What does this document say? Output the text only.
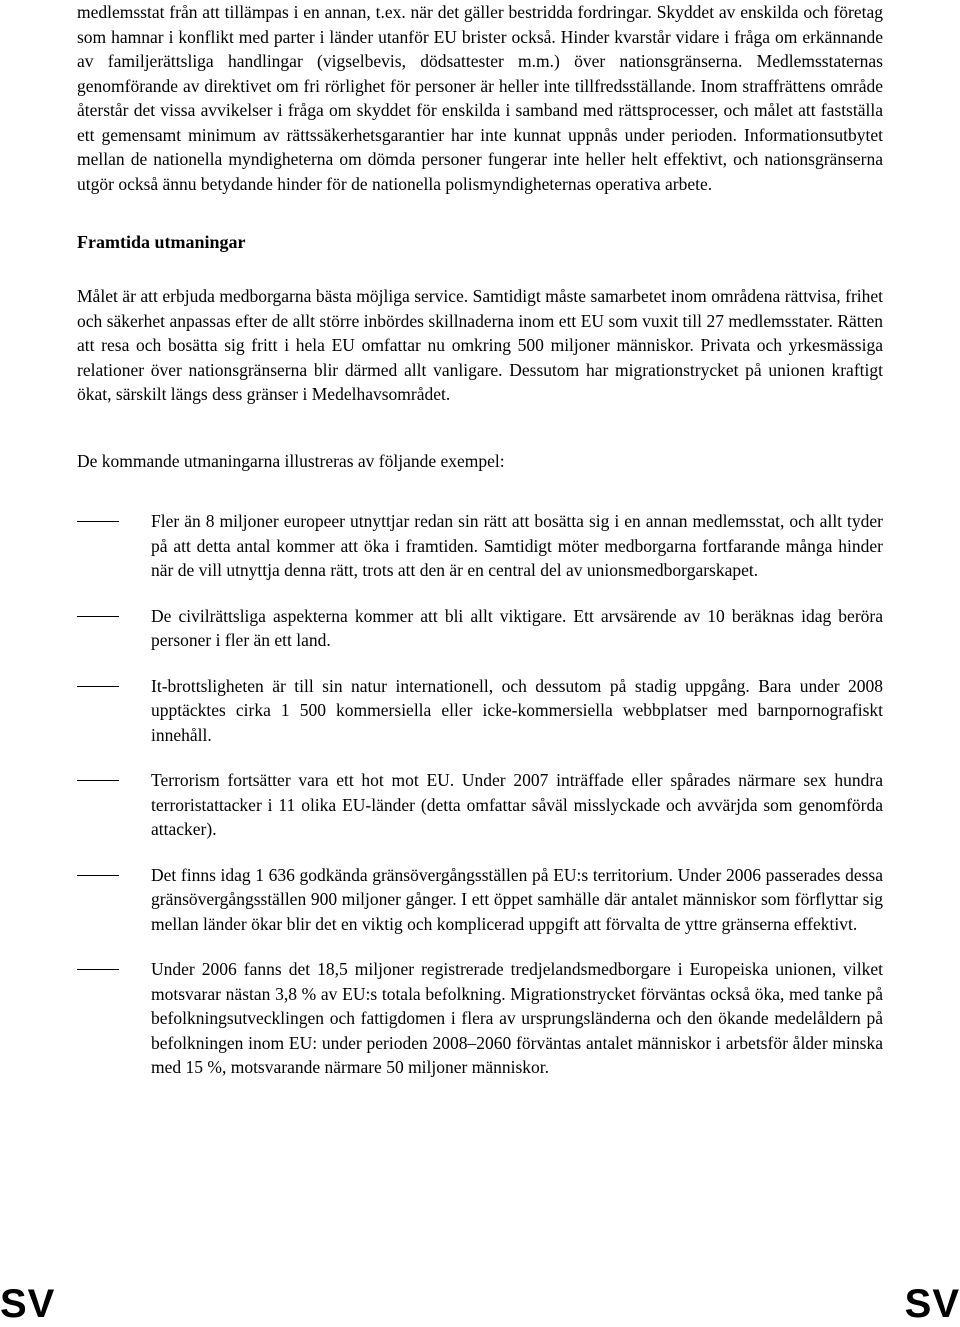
medlemsstat från att tillämpas i en annan, t.ex. när det gäller bestridda fordringar. Skyddet av enskilda och företag som hamnar i konflikt med parter i länder utanför EU brister också. Hinder kvarstår vidare i fråga om erkännande av familjerättsliga handlingar (vigselbevis, dödsattester m.m.) över nationsgränserna. Medlemsstaternas genomförande av direktivet om fri rörlighet för personer är heller inte tillfredsställande. Inom straffrättens område återstår det vissa avvikelser i fråga om skyddet för enskilda i samband med rättsprocesser, och målet att fastställa ett gemensamt minimum av rättssäkerhetsgarantier har inte kunnat uppnås under perioden. Informationsutbytet mellan de nationella myndigheterna om dömda personer fungerar inte heller helt effektivt, och nationsgränserna utgör också ännu betydande hinder för de nationella polismyndigheternas operativa arbete.

Framtida utmaningar

Målet är att erbjuda medborgarna bästa möjliga service. Samtidigt måste samarbetet inom områdena rättvisa, frihet och säkerhet anpassas efter de allt större inbördes skillnaderna inom ett EU som vuxit till 27 medlemsstater. Rätten att resa och bosätta sig fritt i hela EU omfattar nu omkring 500 miljoner människor. Privata och yrkesmässiga relationer över nationsgränserna blir därmed allt vanligare. Dessutom har migrationstrycket på unionen kraftigt ökat, särskilt längs dess gränser i Medelhavsområdet.

De kommande utmaningarna illustreras av följande exempel:

Fler än 8 miljoner europeer utnyttjar redan sin rätt att bosätta sig i en annan medlemsstat, och allt tyder på att detta antal kommer att öka i framtiden. Samtidigt möter medborgarna fortfarande många hinder när de vill utnyttja denna rätt, trots att den är en central del av unionsmedborgarskapet.
De civilrättsliga aspekterna kommer att bli allt viktigare. Ett arvsärende av 10 beräknas idag beröra personer i fler än ett land.
It-brottsligheten är till sin natur internationell, och dessutom på stadig uppgång. Bara under 2008 upptäcktes cirka 1 500 kommersiella eller icke-kommersiella webbplatser med barnpornografiskt innehåll.
Terrorism fortsätter vara ett hot mot EU. Under 2007 inträffade eller spårades närmare sex hundra terroristattacker i 11 olika EU-länder (detta omfattar såväl misslyckade och avvärjda som genomförda attacker).
Det finns idag 1 636 godkända gränsövergångsställen på EU:s territorium. Under 2006 passerades dessa gränsövergångsställen 900 miljoner gånger. I ett öppet samhälle där antalet människor som förflyttar sig mellan länder ökar blir det en viktig och komplicerad uppgift att förvalta de yttre gränserna effektivt.
Under 2006 fanns det 18,5 miljoner registrerade tredjelandsmedborgare i Europeiska unionen, vilket motsvarar nästan 3,8 % av EU:s totala befolkning. Migrationstrycket förväntas också öka, med tanke på befolkningsutvecklingen och fattigdomen i flera av ursprungsländerna och den ökande medelåldern på befolkningen inom EU: under perioden 2008–2060 förväntas antalet människor i arbetsför ålder minska med 15 %, motsvarande närmare 50 miljoner människor.
SV	SV
